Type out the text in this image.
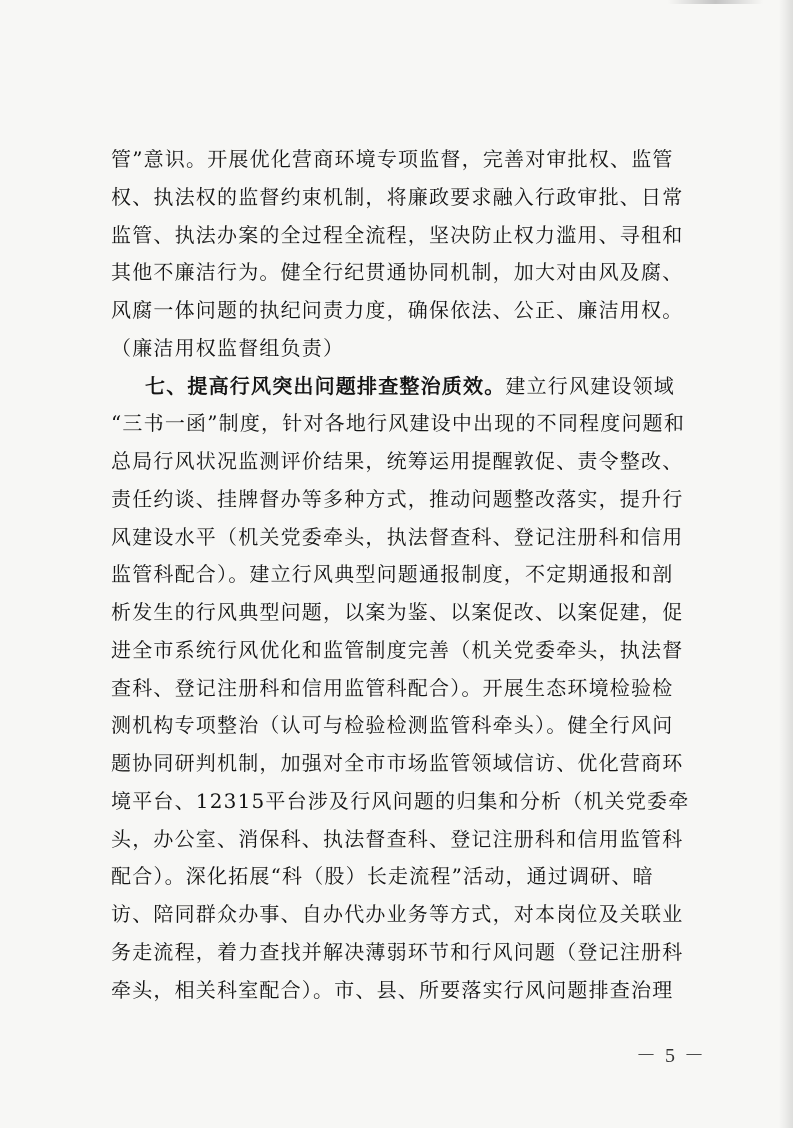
管”意识。开展优化营商环境专项监督，完善对审批权、监管
权、执法权的监督约束机制，将廉政要求融入行政审批、日常
监管、执法办案的全过程全流程，坚决防止权力滥用、寻租和
其他不廉洁行为。健全行纪贯通协同机制，加大对由风及腐、
风腐一体问题的执纪问责力度，确保依法、公正、廉洁用权。
（廉洁用权监督组负责）
七、提高行风突出问题排查整治质效。建立行风建设领域
“三书一函”制度，针对各地行风建设中出现的不同程度问题和
总局行风状况监测评价结果，统筹运用提醒敦促、责令整改、
责任约谈、挂牌督办等多种方式，推动问题整改落实，提升行
风建设水平（机关党委牵头，执法督查科、登记注册科和信用
监管科配合）。建立行风典型问题通报制度，不定期通报和剖
析发生的行风典型问题，以案为鉴、以案促改、以案促建，促
进全市系统行风优化和监管制度完善（机关党委牵头，执法督
查科、登记注册科和信用监管科配合）。开展生态环境检验检
测机构专项整治（认可与检验检测监管科牵头）。健全行风问
题协同研判机制，加强对全市市场监管领域信访、优化营商环
境平台、12315平台涉及行风问题的归集和分析（机关党委牵
头，办公室、消保科、执法督查科、登记注册科和信用监管科
配合）。深化拓展“科（股）长走流程”活动，通过调研、暗
访、陪同群众办事、自办代办业务等方式，对本岗位及关联业
务走流程，着力查找并解决薄弱环节和行风问题（登记注册科
牵头，相关科室配合）。市、县、所要落实行风问题排查治理
－ 5 －
